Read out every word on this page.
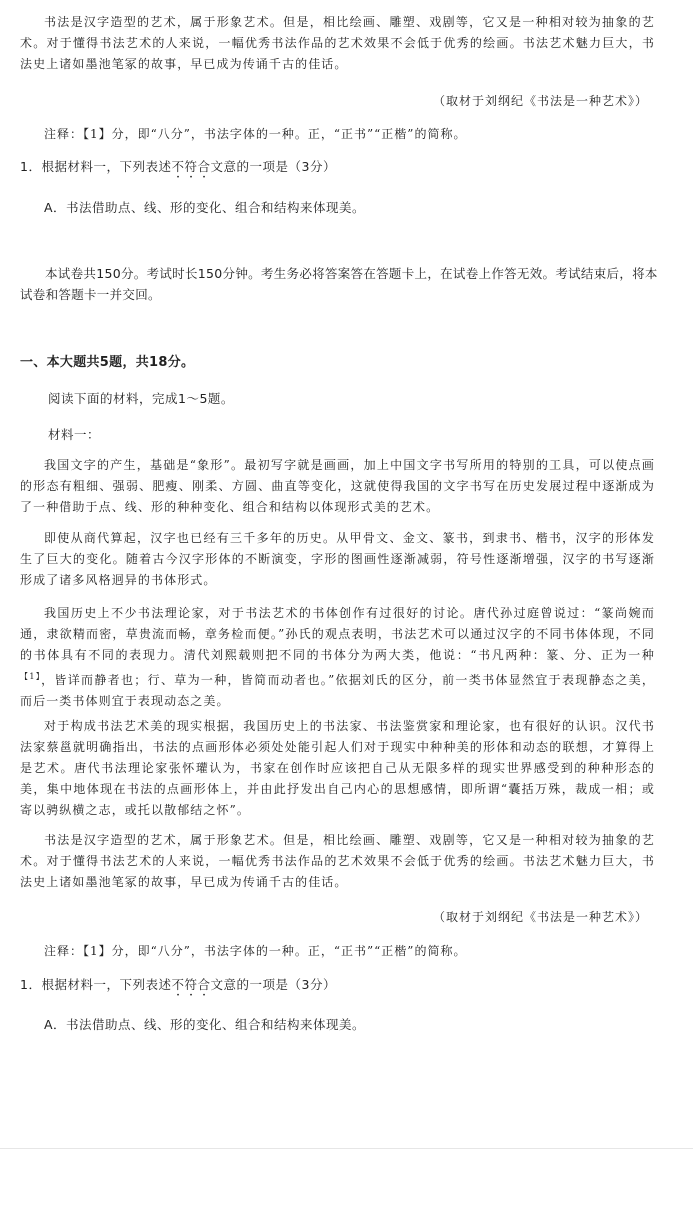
书法是汉字造型的艺术，属于形象艺术。但是，相比绘画、雕塑、戏剧等，它又是一种相对较为抽象的艺术。对于懂得书法艺术的人来说，一幅优秀书法作品的艺术效果不会低于优秀的绘画。书法艺术魅力巨大，书法史上诸如墨池笔冢的故事，早已成为传诵千古的佳话。

（取材于刘纲纪《书法是一种艺术》）
注释：【1】分，即“八分”，书法字体的一种。正，“正书”“正楷”的简称。
1．根据材料一，下列表述不符合文意的一项是（3分）
A．书法借助点、线、形的变化、组合和结构来体现美。
本试卷共150分。考试时长150分钟。考生务必将答案答在答题卡上，在试卷上作答无效。考试结束后，将本试卷和答题卡一并交回。
一、本大题共5题，共18分。
阅读下面的材料，完成1～5题。
材料一：

我国文字的产生，基础是“象形”。最初写字就是画画，加上中国文字书写所用的特别的工具，可以使点画的形态有粗细、强弱、肥瘦、刚柔、方圆、曲直等变化，这就使得我国的文字书写在历史发展过程中逐渐成为了一种借助于点、线、形的种种变化、组合和结构以体现形式美的艺术。

即使从商代算起，汉字也已经有三千多年的历史。从甲骨文、金文、篆书，到隶书、楷书，汉字的形体发生了巨大的变化。随着古今汉字形体的不断演变，字形的图画性逐渐减弱，符号性逐渐增强，汉字的书写逐渐形成了诸多风格迥异的书体形式。

我国历史上不少书法理论家，对于书法艺术的书体创作有过很好的讨论。唐代孙过庭曾说过：“篆尚婉而通，隶欲精而密，草贵流而畅，章务检而便。”孙氏的观点表明，书法艺术可以通过汉字的不同书体体现，不同的书体具有不同的表现力。清代刘熙载则把不同的书体分为两大类，他说：“书凡两种：篆、分、正为一种$^{【1】}$，皆详而静者也；行、草为一种，皆简而动者也。”依据刘氏的区分，前一类书体显然宜于表现静态之美，而后一类书体则宜于表现动态之美。

对于构成书法艺术美的现实根据，我国历史上的书法家、书法鉴赏家和理论家，也有很好的认识。汉代书法家蔡邕就明确指出，书法的点画形体必须处处能引起人们对于现实中种种美的形体和动态的联想，才算得上是艺术。唐代书法理论家张怀瓘认为，书家在创作时应该把自己从无限多样的现实世界感受到的种种形态的美，集中地体现在书法的点画形体上，并由此抒发出自己内心的思想感情，即所谓“囊括万殊，裁成一相；或寄以骋纵横之志，或托以散郁结之怀”。

书法是汉字造型的艺术，属于形象艺术。但是，相比绘画、雕塑、戏剧等，它又是一种相对较为抽象的艺术。对于懂得书法艺术的人来说，一幅优秀书法作品的艺术效果不会低于优秀的绘画。书法艺术魅力巨大，书法史上诸如墨池笔冢的故事，早已成为传诵千古的佳话。

（取材于刘纲纪《书法是一种艺术》）
注释：【1】分，即“八分”，书法字体的一种。正，“正书”“正楷”的简称。
1．根据材料一，下列表述不符合文意的一项是（3分）
A．书法借助点、线、形的变化、组合和结构来体现美。
